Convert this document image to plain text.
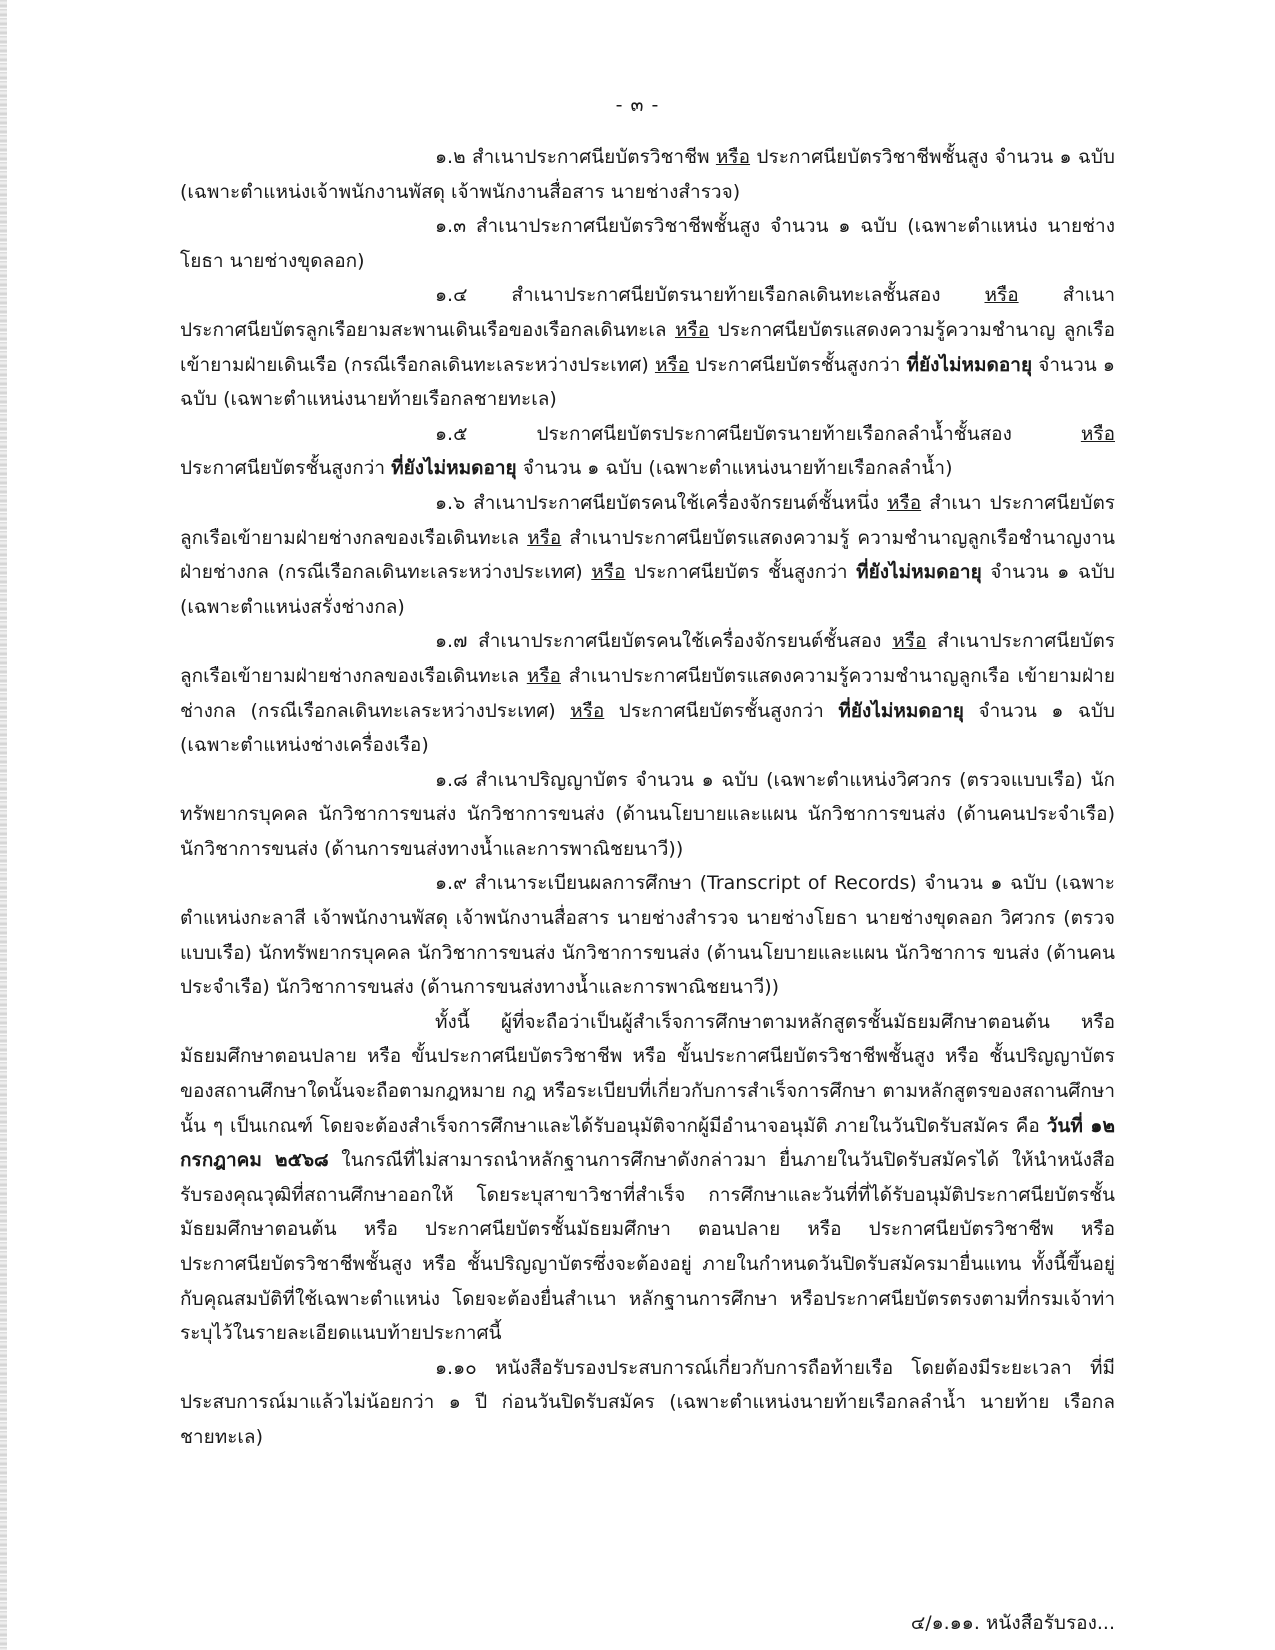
- ๓ -

๑.๒ สำเนาประกาศนียบัตรวิชาชีพ หรือ ประกาศนียบัตรวิชาชีพชั้นสูง จำนวน ๑ ฉบับ (เฉพาะตำแหน่งเจ้าพนักงานพัสดุ เจ้าพนักงานสื่อสาร นายช่างสำรวจ)

๑.๓ สำเนาประกาศนียบัตรวิชาชีพชั้นสูง จำนวน ๑ ฉบับ (เฉพาะตำแหน่ง นายช่างโยธา นายช่างขุดลอก)

๑.๔ สำเนาประกาศนียบัตรนายท้ายเรือกลเดินทะเลชั้นสอง หรือ สำเนา ประกาศนียบัตรลูกเรือยามสะพานเดินเรือของเรือกลเดินทะเล หรือ ประกาศนียบัตรแสดงความรู้ความชำนาญ ลูกเรือเข้ายามฝ่ายเดินเรือ (กรณีเรือกลเดินทะเลระหว่างประเทศ) หรือ ประกาศนียบัตรชั้นสูงกว่า ที่ยังไม่หมดอายุ จำนวน ๑ ฉบับ (เฉพาะตำแหน่งนายท้ายเรือกลชายทะเล)

๑.๕ ประกาศนียบัตรประกาศนียบัตรนายท้ายเรือกลลำน้ำชั้นสอง หรือ ประกาศนียบัตรชั้นสูงกว่า ที่ยังไม่หมดอายุ จำนวน ๑ ฉบับ (เฉพาะตำแหน่งนายท้ายเรือกลลำน้ำ)

๑.๖ สำเนาประกาศนียบัตรคนใช้เครื่องจักรยนต์ชั้นหนึ่ง หรือ สำเนา ประกาศนียบัตรลูกเรือเข้ายามฝ่ายช่างกลของเรือเดินทะเล หรือ สำเนาประกาศนียบัตรแสดงความรู้ ความชำนาญลูกเรือชำนาญงานฝ่ายช่างกล (กรณีเรือกลเดินทะเลระหว่างประเทศ) หรือ ประกาศนียบัตร ชั้นสูงกว่า ที่ยังไม่หมดอายุ จำนวน ๑ ฉบับ (เฉพาะตำแหน่งสรั่งช่างกล)

๑.๗ สำเนาประกาศนียบัตรคนใช้เครื่องจักรยนต์ชั้นสอง หรือ สำเนาประกาศนียบัตร ลูกเรือเข้ายามฝ่ายช่างกลของเรือเดินทะเล หรือ สำเนาประกาศนียบัตรแสดงความรู้ความชำนาญลูกเรือ เข้ายามฝ่ายช่างกล (กรณีเรือกลเดินทะเลระหว่างประเทศ) หรือ ประกาศนียบัตรชั้นสูงกว่า ที่ยังไม่หมดอายุ จำนวน ๑ ฉบับ (เฉพาะตำแหน่งช่างเครื่องเรือ)

๑.๘ สำเนาปริญญาบัตร จำนวน ๑ ฉบับ (เฉพาะตำแหน่งวิศวกร (ตรวจแบบเรือ) นักทรัพยากรบุคคล นักวิชาการขนส่ง นักวิชาการขนส่ง (ด้านนโยบายและแผน นักวิชาการขนส่ง (ด้านคนประจำเรือ) นักวิชาการขนส่ง (ด้านการขนส่งทางน้ำและการพาณิชยนาวี))

๑.๙ สำเนาระเบียนผลการศึกษา (Transcript of Records) จำนวน ๑ ฉบับ (เฉพาะตำแหน่งกะลาสี เจ้าพนักงานพัสดุ เจ้าพนักงานสื่อสาร นายช่างสำรวจ นายช่างโยธา นายช่างขุดลอก วิศวกร (ตรวจแบบเรือ) นักทรัพยากรบุคคล นักวิชาการขนส่ง นักวิชาการขนส่ง (ด้านนโยบายและแผน นักวิชาการ ขนส่ง (ด้านคนประจำเรือ) นักวิชาการขนส่ง (ด้านการขนส่งทางน้ำและการพาณิชยนาวี))

ทั้งนี้ ผู้ที่จะถือว่าเป็นผู้สำเร็จการศึกษาตามหลักสูตรชั้นมัธยมศึกษาตอนต้น หรือ มัธยมศึกษาตอนปลาย หรือ ขั้นประกาศนียบัตรวิชาชีพ หรือ ขั้นประกาศนียบัตรวิชาชีพชั้นสูง หรือ ชั้นปริญญาบัตรของสถานศึกษาใดนั้นจะถือตามกฎหมาย กฎ หรือระเบียบที่เกี่ยวกับการสำเร็จการศึกษา ตามหลักสูตรของสถานศึกษานั้น ๆ เป็นเกณฑ์ โดยจะต้องสำเร็จการศึกษาและได้รับอนุมัติจากผู้มีอำนาจอนุมัติ ภายในวันปิดรับสมัคร คือ วันที่ ๑๒ กรกฎาคม ๒๕๖๘ ในกรณีที่ไม่สามารถนำหลักฐานการศึกษาดังกล่าวมา ยื่นภายในวันปิดรับสมัครได้ ให้นำหนังสือรับรองคุณวุฒิที่สถานศึกษาออกให้ โดยระบุสาขาวิชาที่สำเร็จ การศึกษาและวันที่ที่ได้รับอนุมัติประกาศนียบัตรชั้นมัธยมศึกษาตอนต้น หรือ ประกาศนียบัตรชั้นมัธยมศึกษา ตอนปลาย หรือ ประกาศนียบัตรวิชาชีพ หรือ ประกาศนียบัตรวิชาชีพชั้นสูง หรือ ชั้นปริญญาบัตรซึ่งจะต้องอยู่ ภายในกำหนดวันปิดรับสมัครมายื่นแทน ทั้งนี้ขึ้นอยู่กับคุณสมบัติที่ใช้เฉพาะตำแหน่ง โดยจะต้องยื่นสำเนา หลักฐานการศึกษา หรือประกาศนียบัตรตรงตามที่กรมเจ้าท่าระบุไว้ในรายละเอียดแนบท้ายประกาศนี้

๑.๑๐ หนังสือรับรองประสบการณ์เกี่ยวกับการถือท้ายเรือ โดยต้องมีระยะเวลา ที่มีประสบการณ์มาแล้วไม่น้อยกว่า ๑ ปี ก่อนวันปิดรับสมัคร (เฉพาะตำแหน่งนายท้ายเรือกลลำน้ำ นายท้าย เรือกลชายทะเล)

๔/๑.๑๑. หนังสือรับรอง...
